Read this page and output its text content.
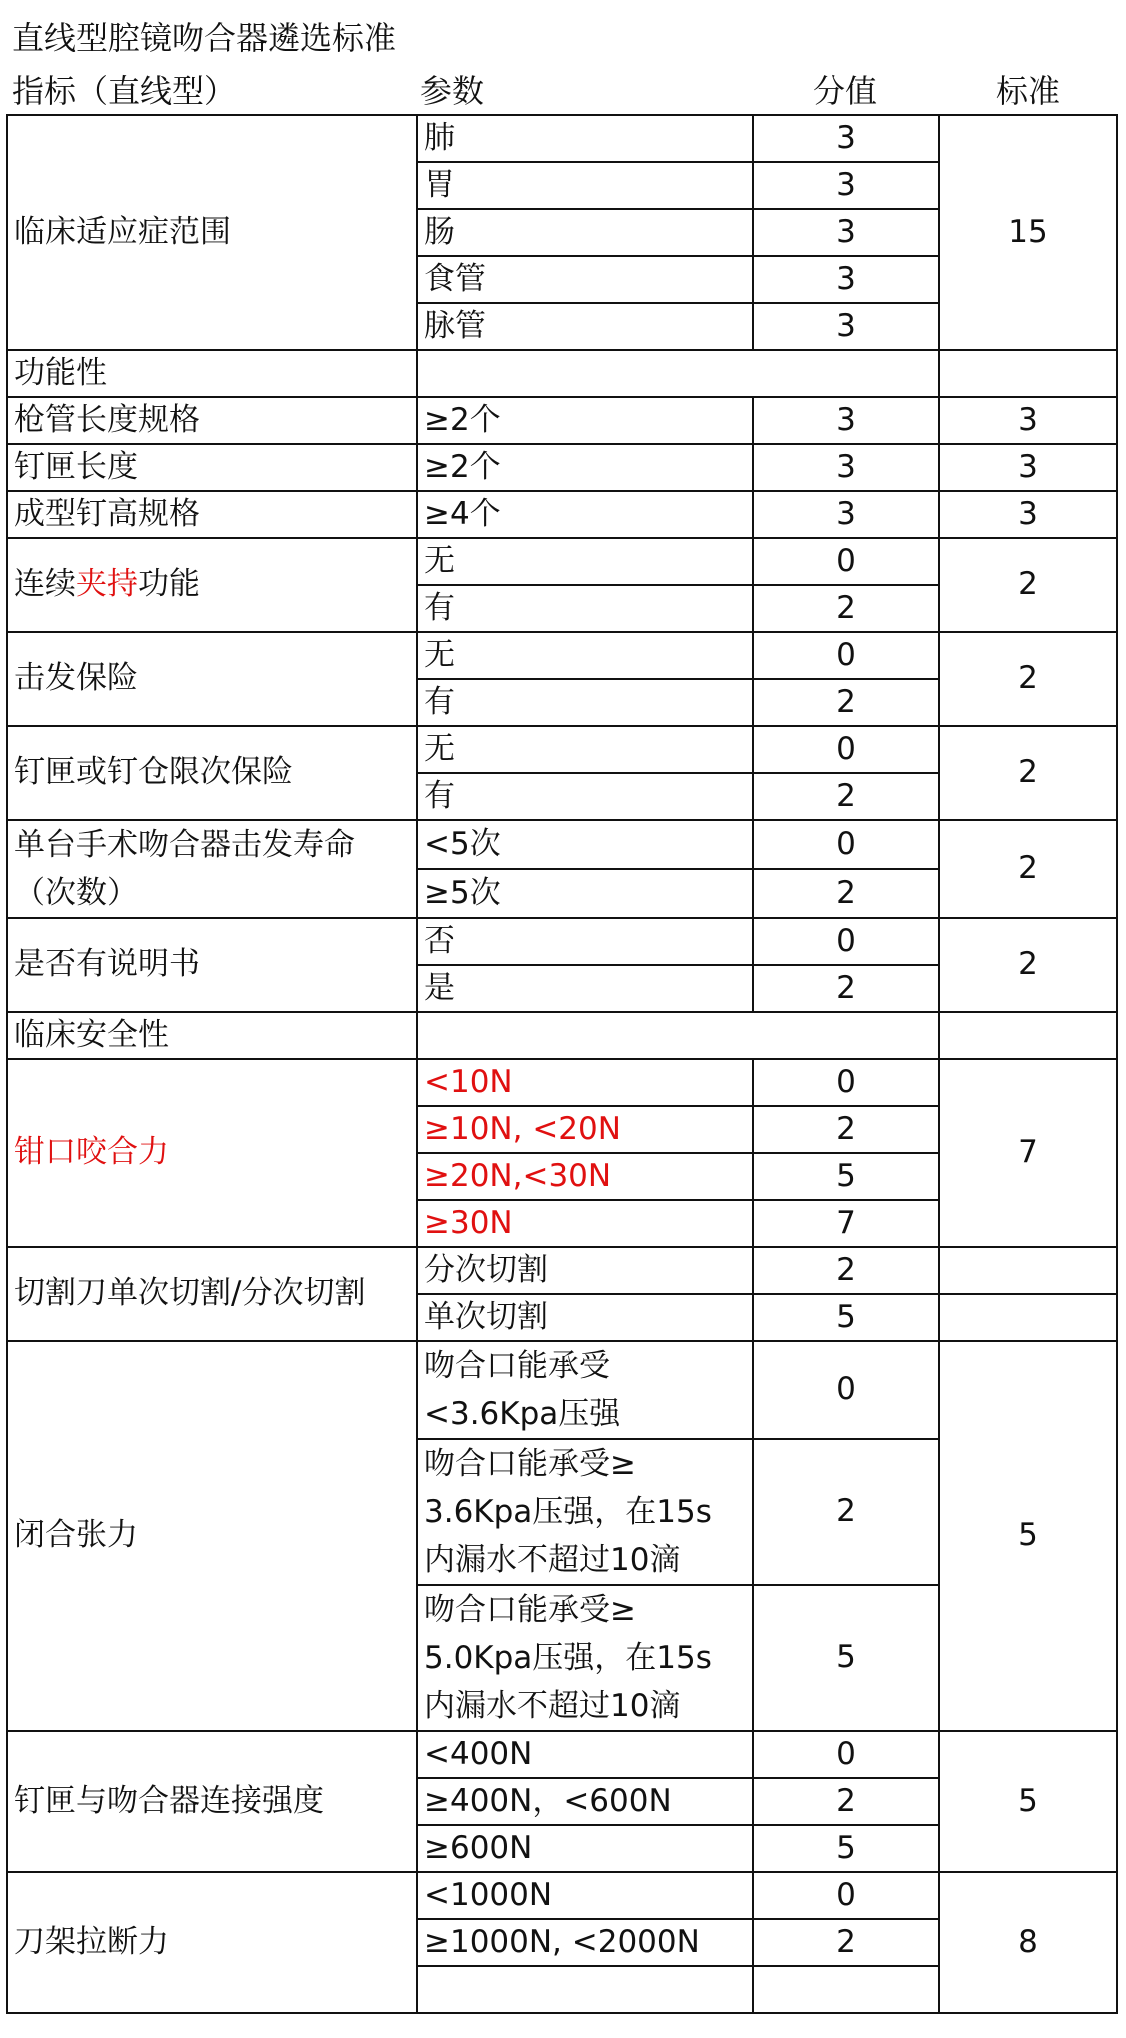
直线型腔镜吻合器遴选标准
指标（直线型）	参数	分值	标准
临床适应症范围	肺	3	15
	胃	3	
	肠	3	
	食管	3	
	脉管	3	
功能性			
枪管长度规格	≥2个	3	3
钉匣长度	≥2个	3	3
成型钉高规格	≥4个	3	3
连续夹持功能	无	0	2
	有	2	
击发保险	无	0	2
	有	2	
钉匣或钉仓限次保险	无	0	2
	有	2	

单台手术吻合器击发寿命
（次数）	<5次	0	2
	≥5次	2	
是否有说明书	否	0	2
	是	2	
临床安全性			
钳口咬合力	<10N	0	7
	≥10N, <20N	2	
	≥20N,<30N	5	
	≥30N	7	
切割刀单次切割/分次切割	分次切割	2	
	单次切割	5	
闭合张力	吻合口能承受
<3.6Kpa压强	0	5

	吻合口能承受≥
3.6Kpa压强，在15s
内漏水不超过10滴	2	

	吻合口能承受≥
5.0Kpa压强，在15s
内漏水不超过10滴	5	
钉匣与吻合器连接强度	<400N	0	5
	≥400N，<600N	2	
	≥600N	5	
刀架拉断力	<1000N	0	8
	≥1000N, <2000N	2	
